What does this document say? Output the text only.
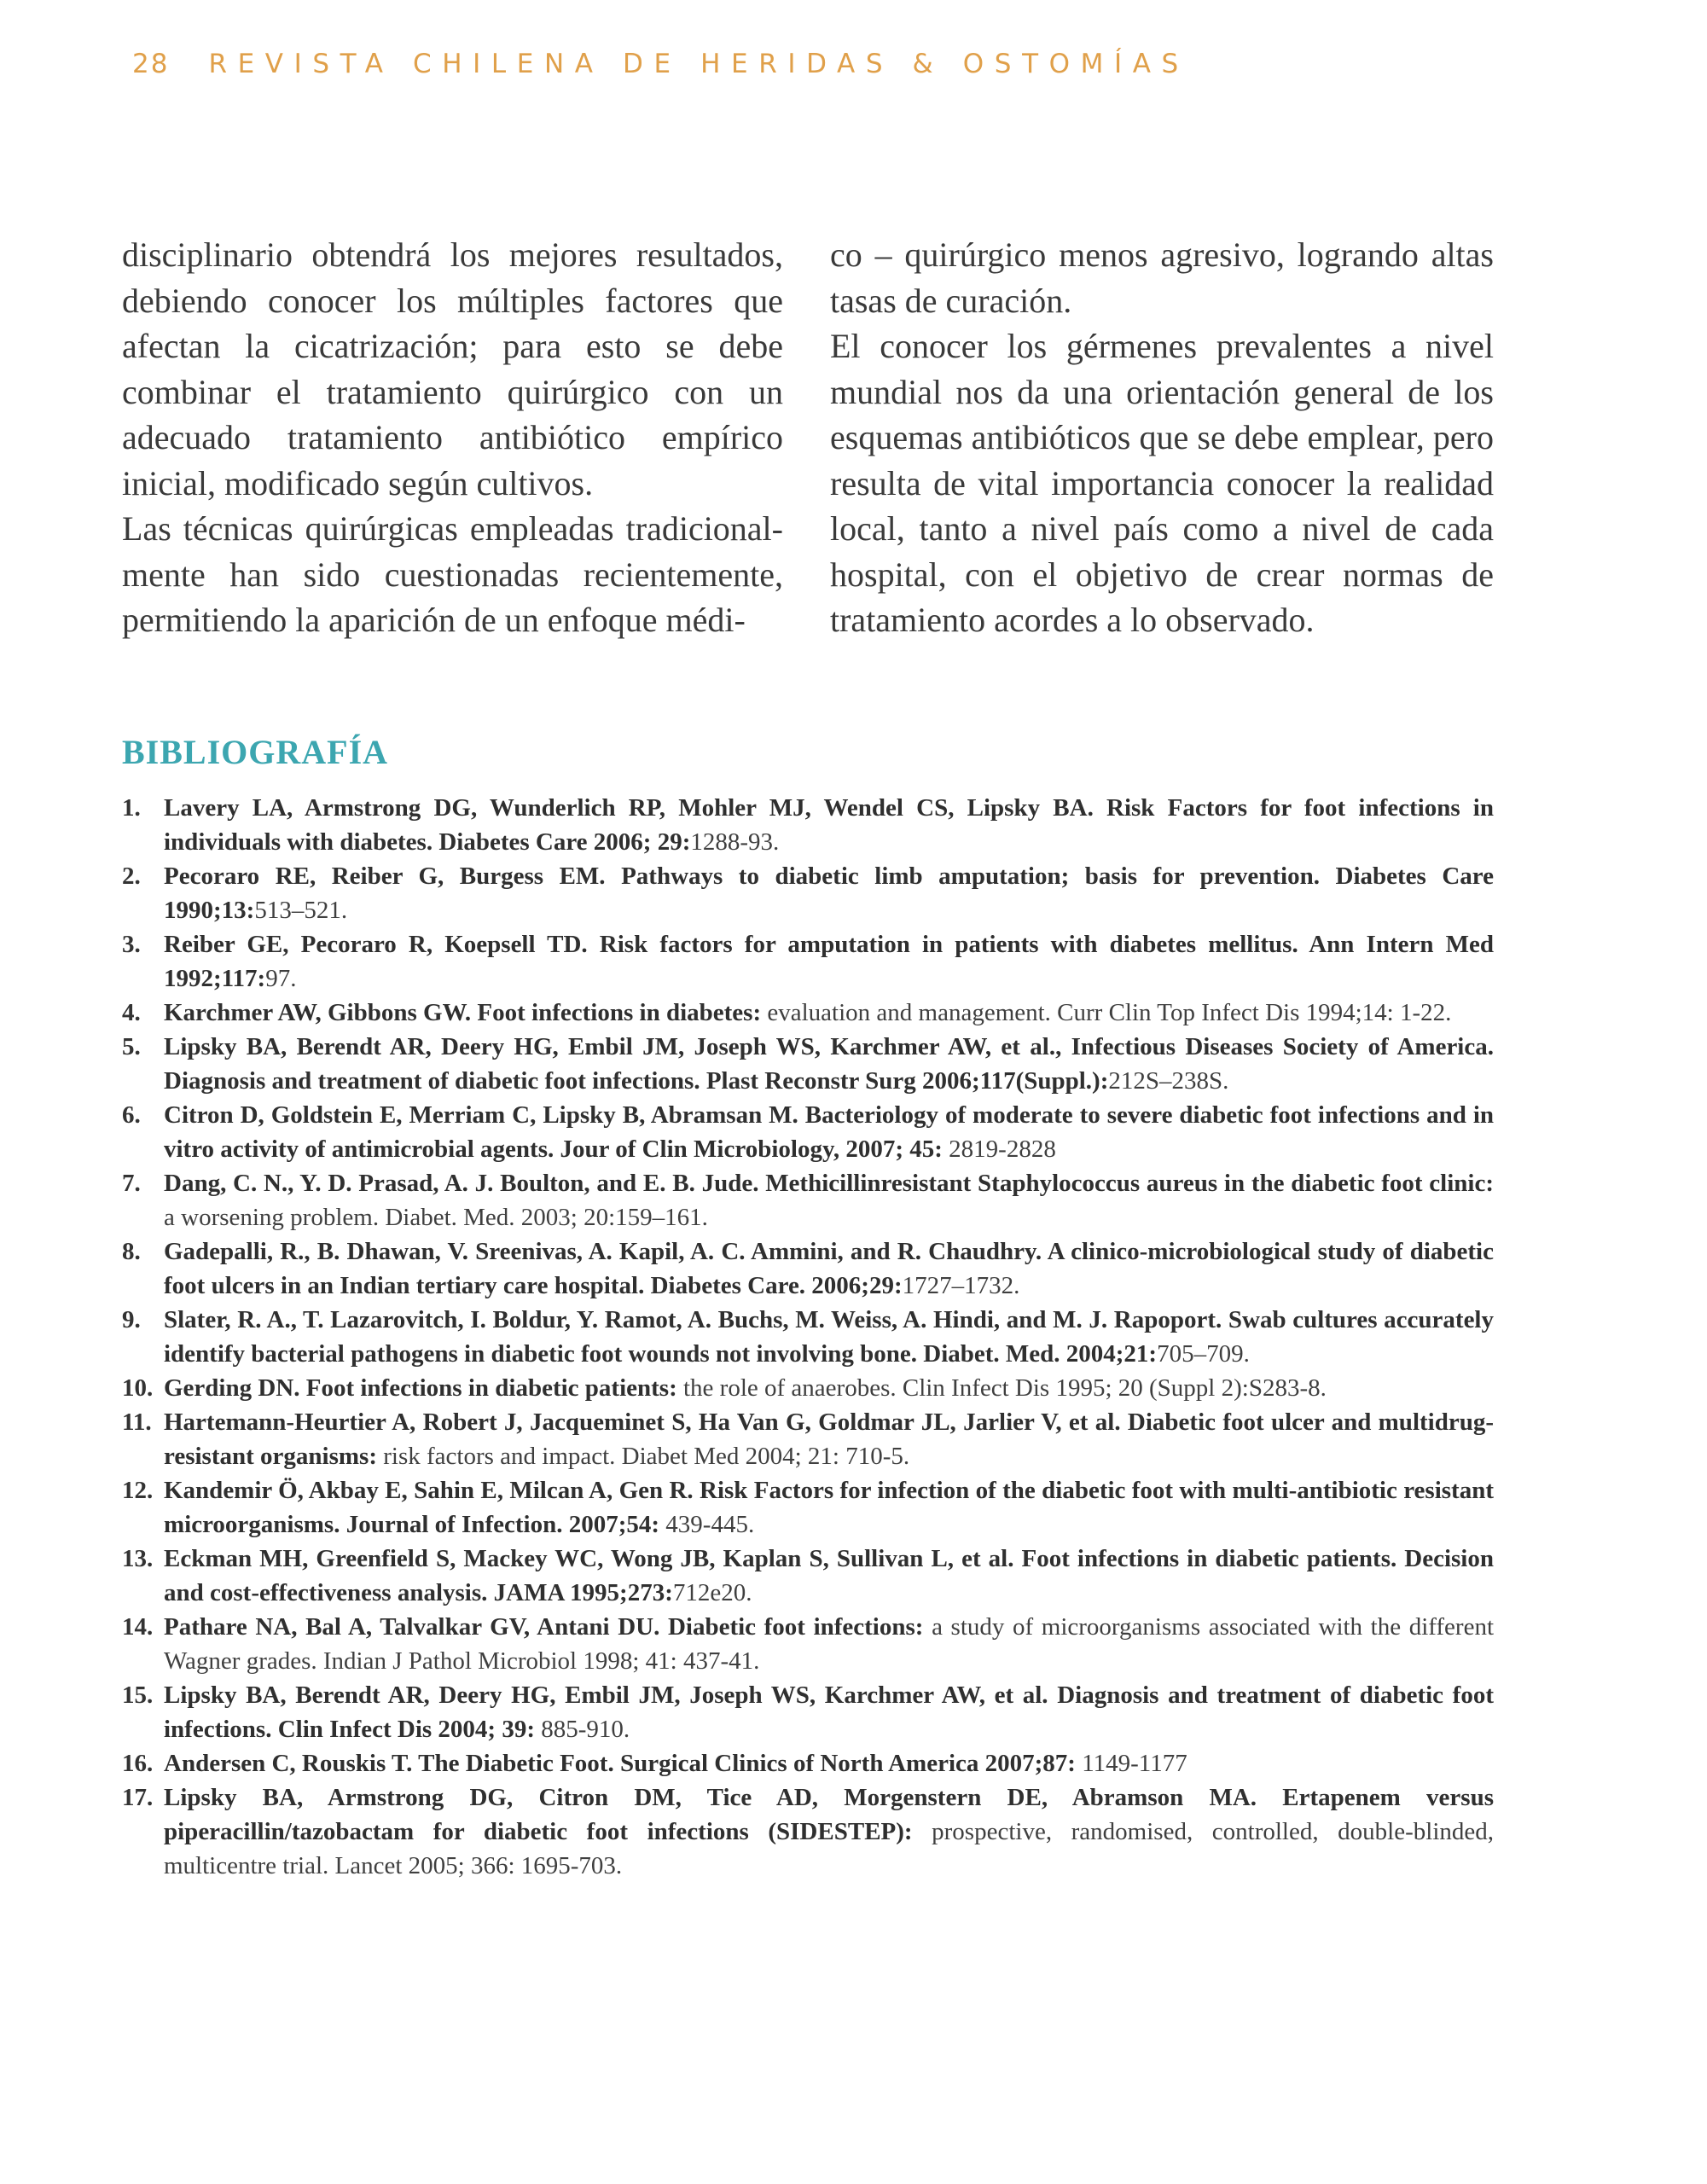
28 REVISTA CHILENA DE HERIDAS & OSTOMÍAS

disciplinario obtendrá los mejores resultados, debiendo conocer los múltiples factores que afectan la cicatrización; para esto se debe combinar el tratamiento quirúrgico con un adecuado tratamiento antibiótico empírico inicial, modificado según cultivos.

Las técnicas quirúrgicas empleadas tradicionalmente han sido cuestionadas recientemente, permitiendo la aparición de un enfoque médi-

co – quirúrgico menos agresivo, logrando altas tasas de curación.

El conocer los gérmenes prevalentes a nivel mundial nos da una orientación general de los esquemas antibióticos que se debe emplear, pero resulta de vital importancia conocer la realidad local, tanto a nivel país como a nivel de cada hospital, con el objetivo de crear normas de tratamiento acordes a lo observado.

BIBLIOGRAFÍA
1. Lavery LA, Armstrong DG, Wunderlich RP, Mohler MJ, Wendel CS, Lipsky BA. Risk Factors for foot infections in individuals with diabetes. Diabetes Care 2006; 29:1288-93.
2. Pecoraro RE, Reiber G, Burgess EM. Pathways to diabetic limb amputation; basis for prevention. Diabetes Care 1990;13:513–521.
3. Reiber GE, Pecoraro R, Koepsell TD. Risk factors for amputation in patients with diabetes mellitus. Ann Intern Med 1992;117:97.
4. Karchmer AW, Gibbons GW. Foot infections in diabetes: evaluation and management. Curr Clin Top Infect Dis 1994;14: 1-22.
5. Lipsky BA, Berendt AR, Deery HG, Embil JM, Joseph WS, Karchmer AW, et al., Infectious Diseases Society of America. Diagnosis and treatment of diabetic foot infections. Plast Reconstr Surg 2006;117(Suppl.):212S–238S.
6. Citron D, Goldstein E, Merriam C, Lipsky B, Abramsan M. Bacteriology of moderate to severe diabetic foot infections and in vitro activity of antimicrobial agents. Jour of Clin Microbiology, 2007; 45: 2819-2828
7. Dang, C. N., Y. D. Prasad, A. J. Boulton, and E. B. Jude. Methicillinresistant Staphylococcus aureus in the diabetic foot clinic: a worsening problem. Diabet. Med. 2003; 20:159–161.
8. Gadepalli, R., B. Dhawan, V. Sreenivas, A. Kapil, A. C. Ammini, and R. Chaudhry. A clinico-microbiological study of diabetic foot ulcers in an Indian tertiary care hospital. Diabetes Care. 2006;29:1727–1732.
9. Slater, R. A., T. Lazarovitch, I. Boldur, Y. Ramot, A. Buchs, M. Weiss, A. Hindi, and M. J. Rapoport. Swab cultures accurately identify bacterial pathogens in diabetic foot wounds not involving bone. Diabet. Med. 2004;21:705–709.
10. Gerding DN. Foot infections in diabetic patients: the role of anaerobes. Clin Infect Dis 1995; 20 (Suppl 2):S283-8.
11. Hartemann-Heurtier A, Robert J, Jacqueminet S, Ha Van G, Goldmar JL, Jarlier V, et al. Diabetic foot ulcer and multidrug- resistant organisms: risk factors and impact. Diabet Med 2004; 21: 710-5.
12. Kandemir Ö, Akbay E, Sahin E, Milcan A, Gen R. Risk Factors for infection of the diabetic foot with multi-antibiotic resistant microorganisms. Journal of Infection. 2007;54: 439-445.
13. Eckman MH, Greenfield S, Mackey WC, Wong JB, Kaplan S, Sullivan L, et al. Foot infections in diabetic patients. Decision and cost-effectiveness analysis. JAMA 1995;273:712e20.
14. Pathare NA, Bal A, Talvalkar GV, Antani DU. Diabetic foot infections: a study of microorganisms associated with the different Wagner grades. Indian J Pathol Microbiol 1998; 41: 437-41.
15. Lipsky BA, Berendt AR, Deery HG, Embil JM, Joseph WS, Karchmer AW, et al. Diagnosis and treatment of diabetic foot infections. Clin Infect Dis 2004; 39: 885-910.
16. Andersen C, Rouskis T. The Diabetic Foot. Surgical Clinics of North America 2007;87: 1149-1177
17. Lipsky BA, Armstrong DG, Citron DM, Tice AD, Morgenstern DE, Abramson MA. Ertapenem versus piperacillin/tazobactam for diabetic foot infections (SIDESTEP): prospective, randomised, controlled, double-blinded, multicentre trial. Lancet 2005; 366: 1695-703.
